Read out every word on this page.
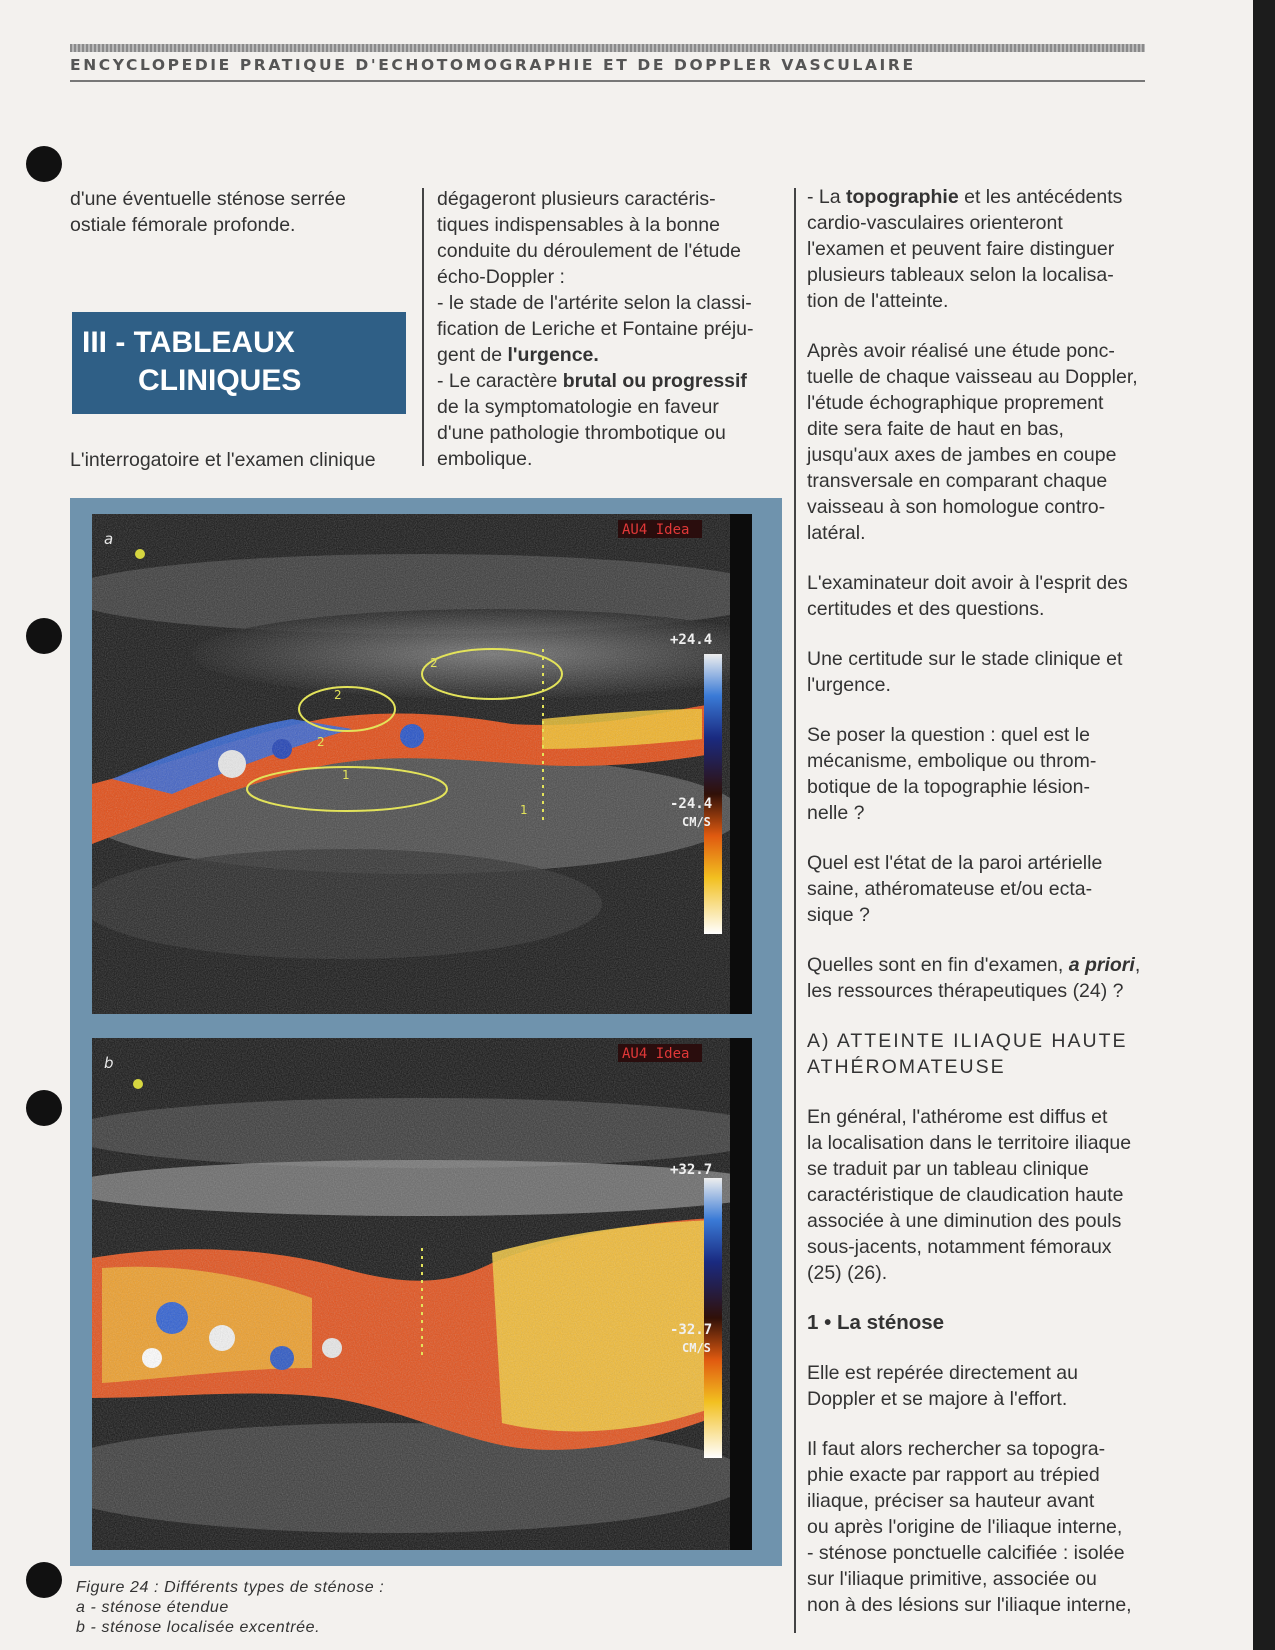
ENCYCLOPEDIE PRATIQUE D'ECHOTOMOGRAPHIE ET DE DOPPLER VASCULAIRE

d'une éventuelle sténose serrée

ostiale fémorale profonde.

III - TABLEAUX
CLINIQUES
L'interrogatoire et l'examen clinique

dégageront plusieurs caractéris-

tiques indispensables à la bonne

conduite du déroulement de l'étude

écho-Doppler :

- le stade de l'artérite selon la classi-

fication de Leriche et Fontaine préju-

gent de l'urgence.

- Le caractère brutal ou progressif

de la symptomatologie en faveur

d'une pathologie thrombotique ou

embolique.

- La topographie et les antécédents

cardio-vasculaires orienteront

l'examen et peuvent faire distinguer

plusieurs tableaux selon la localisa-

tion de l'atteinte.

Après avoir réalisé une étude ponc-

tuelle de chaque vaisseau au Doppler,

l'étude échographique proprement

dite sera faite de haut en bas,

jusqu'aux axes de jambes en coupe

transversale en comparant chaque

vaisseau à son homologue contro-

latéral.

L'examinateur doit avoir à l'esprit des

certitudes et des questions.

Une certitude sur le stade clinique et

l'urgence.

Se poser la question : quel est le

mécanisme, embolique ou throm-

botique de la topographie lésion-

nelle ?

Quel est l'état de la paroi artérielle

saine, athéromateuse et/ou ecta-

sique ?

Quelles sont en fin d'examen, a priori,

les ressources thérapeutiques (24) ?

A) ATTEINTE ILIAQUE HAUTE

ATHÉROMATEUSE

En général, l'athérome est diffus et

la localisation dans le territoire iliaque

se traduit par un tableau clinique

caractéristique de claudication haute

associée à une diminution des pouls

sous-jacents, notamment fémoraux

(25) (26).

1 • La sténose

Elle est repérée directement au

Doppler et se majore à l'effort.

Il faut alors rechercher sa topogra-

phie exacte par rapport au trépied

iliaque, préciser sa hauteur avant

ou après l'origine de l'iliaque interne,

- sténose ponctuelle calcifiée : isolée

sur l'iliaque primitive, associée ou

non à des lésions sur l'iliaque interne,

2
2
2
1
1
a	AU4 Idea
+24.4
-24.4
CM/S
b	AU4 Idea
+32.7
-32.7
CM/S

Figure 24 : Différents types de sténose :

a - sténose étendue

b - sténose localisée excentrée.
